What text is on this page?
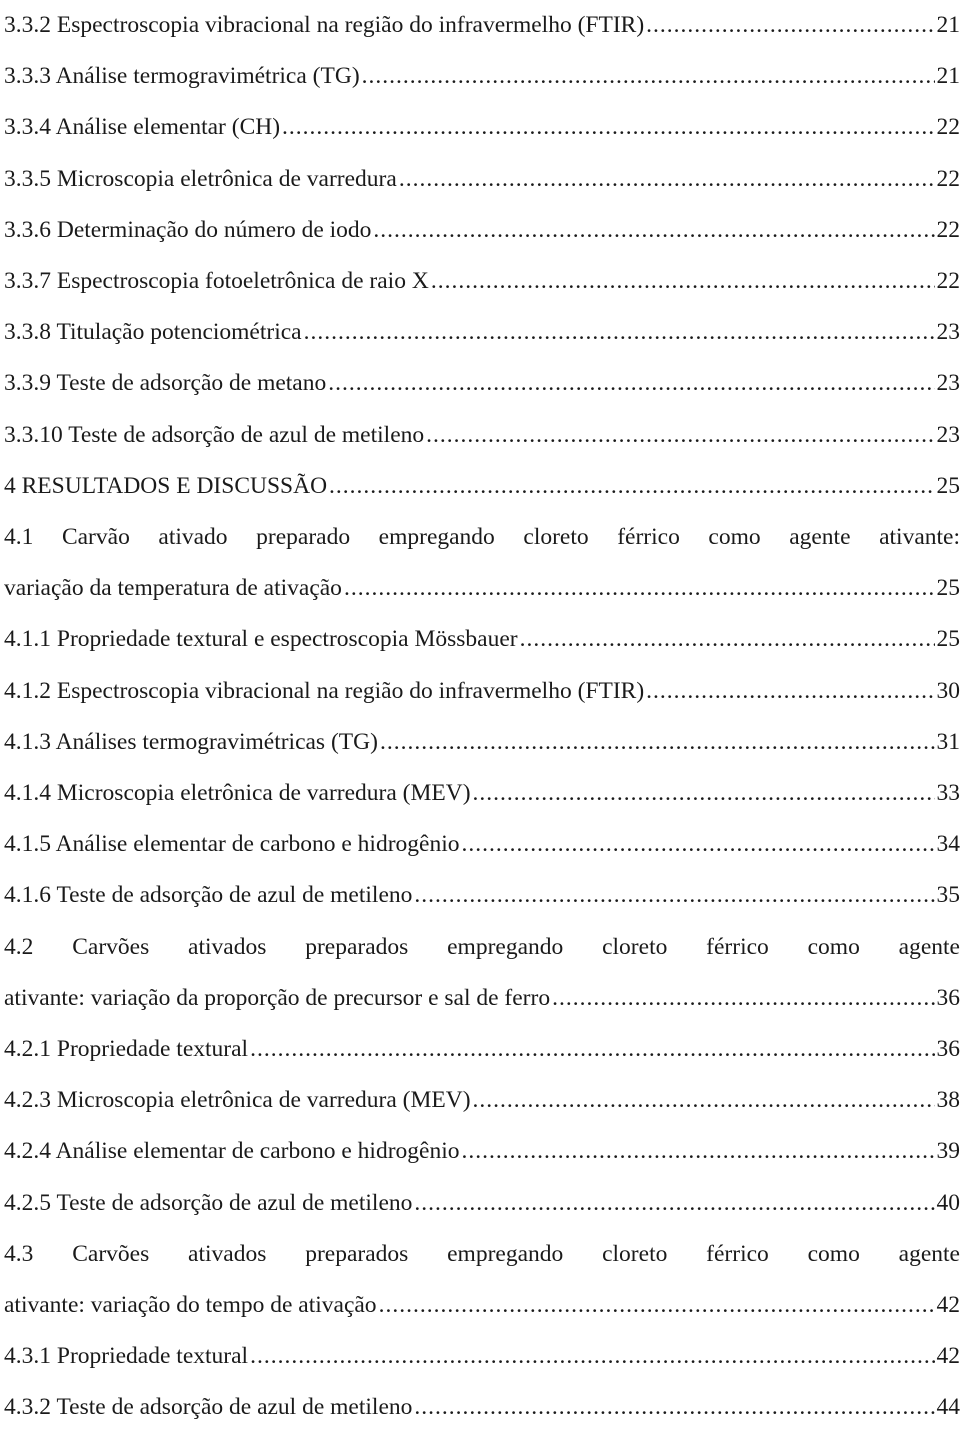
3.3.2 Espectroscopia vibracional na região do infravermelho (FTIR) .....	21
3.3.3 Análise termogravimétrica (TG) .....	21
3.3.4 Análise elementar (CH) .....	22
3.3.5 Microscopia eletrônica de varredura .....	22
3.3.6 Determinação do número de iodo .....	22
3.3.7 Espectroscopia fotoeletrônica de raio X .....	22
3.3.8 Titulação potenciométrica .....	23
3.3.9 Teste de adsorção de metano .....	23
3.3.10 Teste de adsorção de azul de metileno .....	23
4 RESULTADOS E DISCUSSÃO .....	25
4.1 Carvão ativado preparado empregando cloreto férrico como agente ativante:
variação da temperatura de ativação .....	25
4.1.1 Propriedade textural e espectroscopia Mössbauer .....	25
4.1.2 Espectroscopia vibracional na região do infravermelho (FTIR) .....	30
4.1.3 Análises termogravimétricas (TG) .....	31
4.1.4 Microscopia eletrônica de varredura (MEV) .....	33
4.1.5 Análise elementar de carbono e hidrogênio .....	34
4.1.6 Teste de adsorção de azul de metileno .....	35
4.2 Carvões ativados preparados empregando cloreto férrico como agente
ativante: variação da proporção de precursor e sal de ferro .....	36
4.2.1 Propriedade textural .....	36
4.2.3 Microscopia eletrônica de varredura (MEV) .....	38
4.2.4 Análise elementar de carbono e hidrogênio .....	39
4.2.5 Teste de adsorção de azul de metileno .....	40
4.3 Carvões ativados preparados empregando cloreto férrico como agente
ativante: variação do tempo de ativação .....	42
4.3.1 Propriedade textural .....	42
4.3.2 Teste de adsorção de azul de metileno .....	44
